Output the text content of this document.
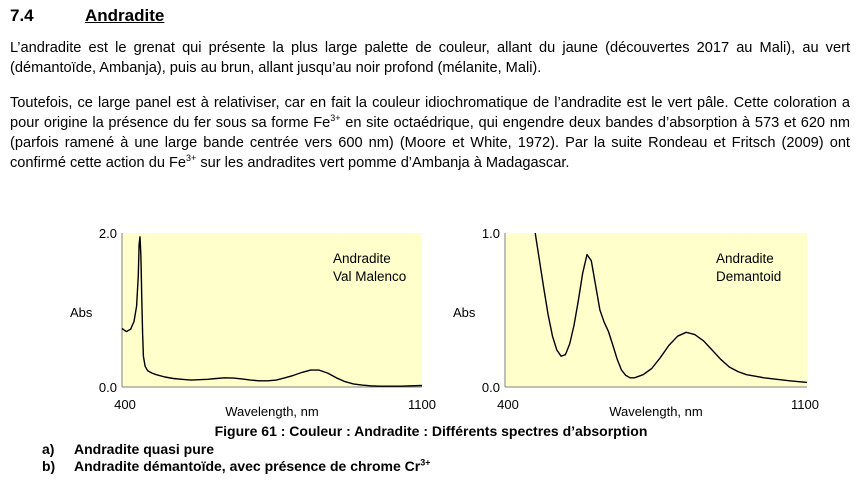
7.4	Andradite
L’andradite est le grenat qui présente la plus large palette de couleur, allant du jaune (découvertes 2017 au Mali), au vert (démantoïde, Ambanja), puis au brun, allant jusqu’au noir profond (mélanite, Mali).
Toutefois, ce large panel est à relativiser, car en fait la couleur idiochromatique de l’andradite est le vert pâle. Cette coloration a pour origine la présence du fer sous sa forme $Fe^{3+}$ en site octaédrique, qui engendre deux bandes d’absorption à 573 et 620 nm (parfois ramené à une large bande centrée vers 600 nm) (Moore et White, 1972). Par la suite Rondeau et Fritsch (2009) ont confirmé cette action du $Fe^{3+}$ sur les andradites vert pomme d’Ambanja à Madagascar.
2.0
0.0
Abs
400	1100
Wavelength, nm
Andradite
Val Malenco
1.0
0.0
Abs
400	1100
Wavelength, nm
Andradite
Demantoid
Figure 61 : Couleur : Andradite : Différents spectres d’absorption
a) Andradite quasi pure
b) Andradite démantoïde, avec présence de chrome $Cr^{3+}$
